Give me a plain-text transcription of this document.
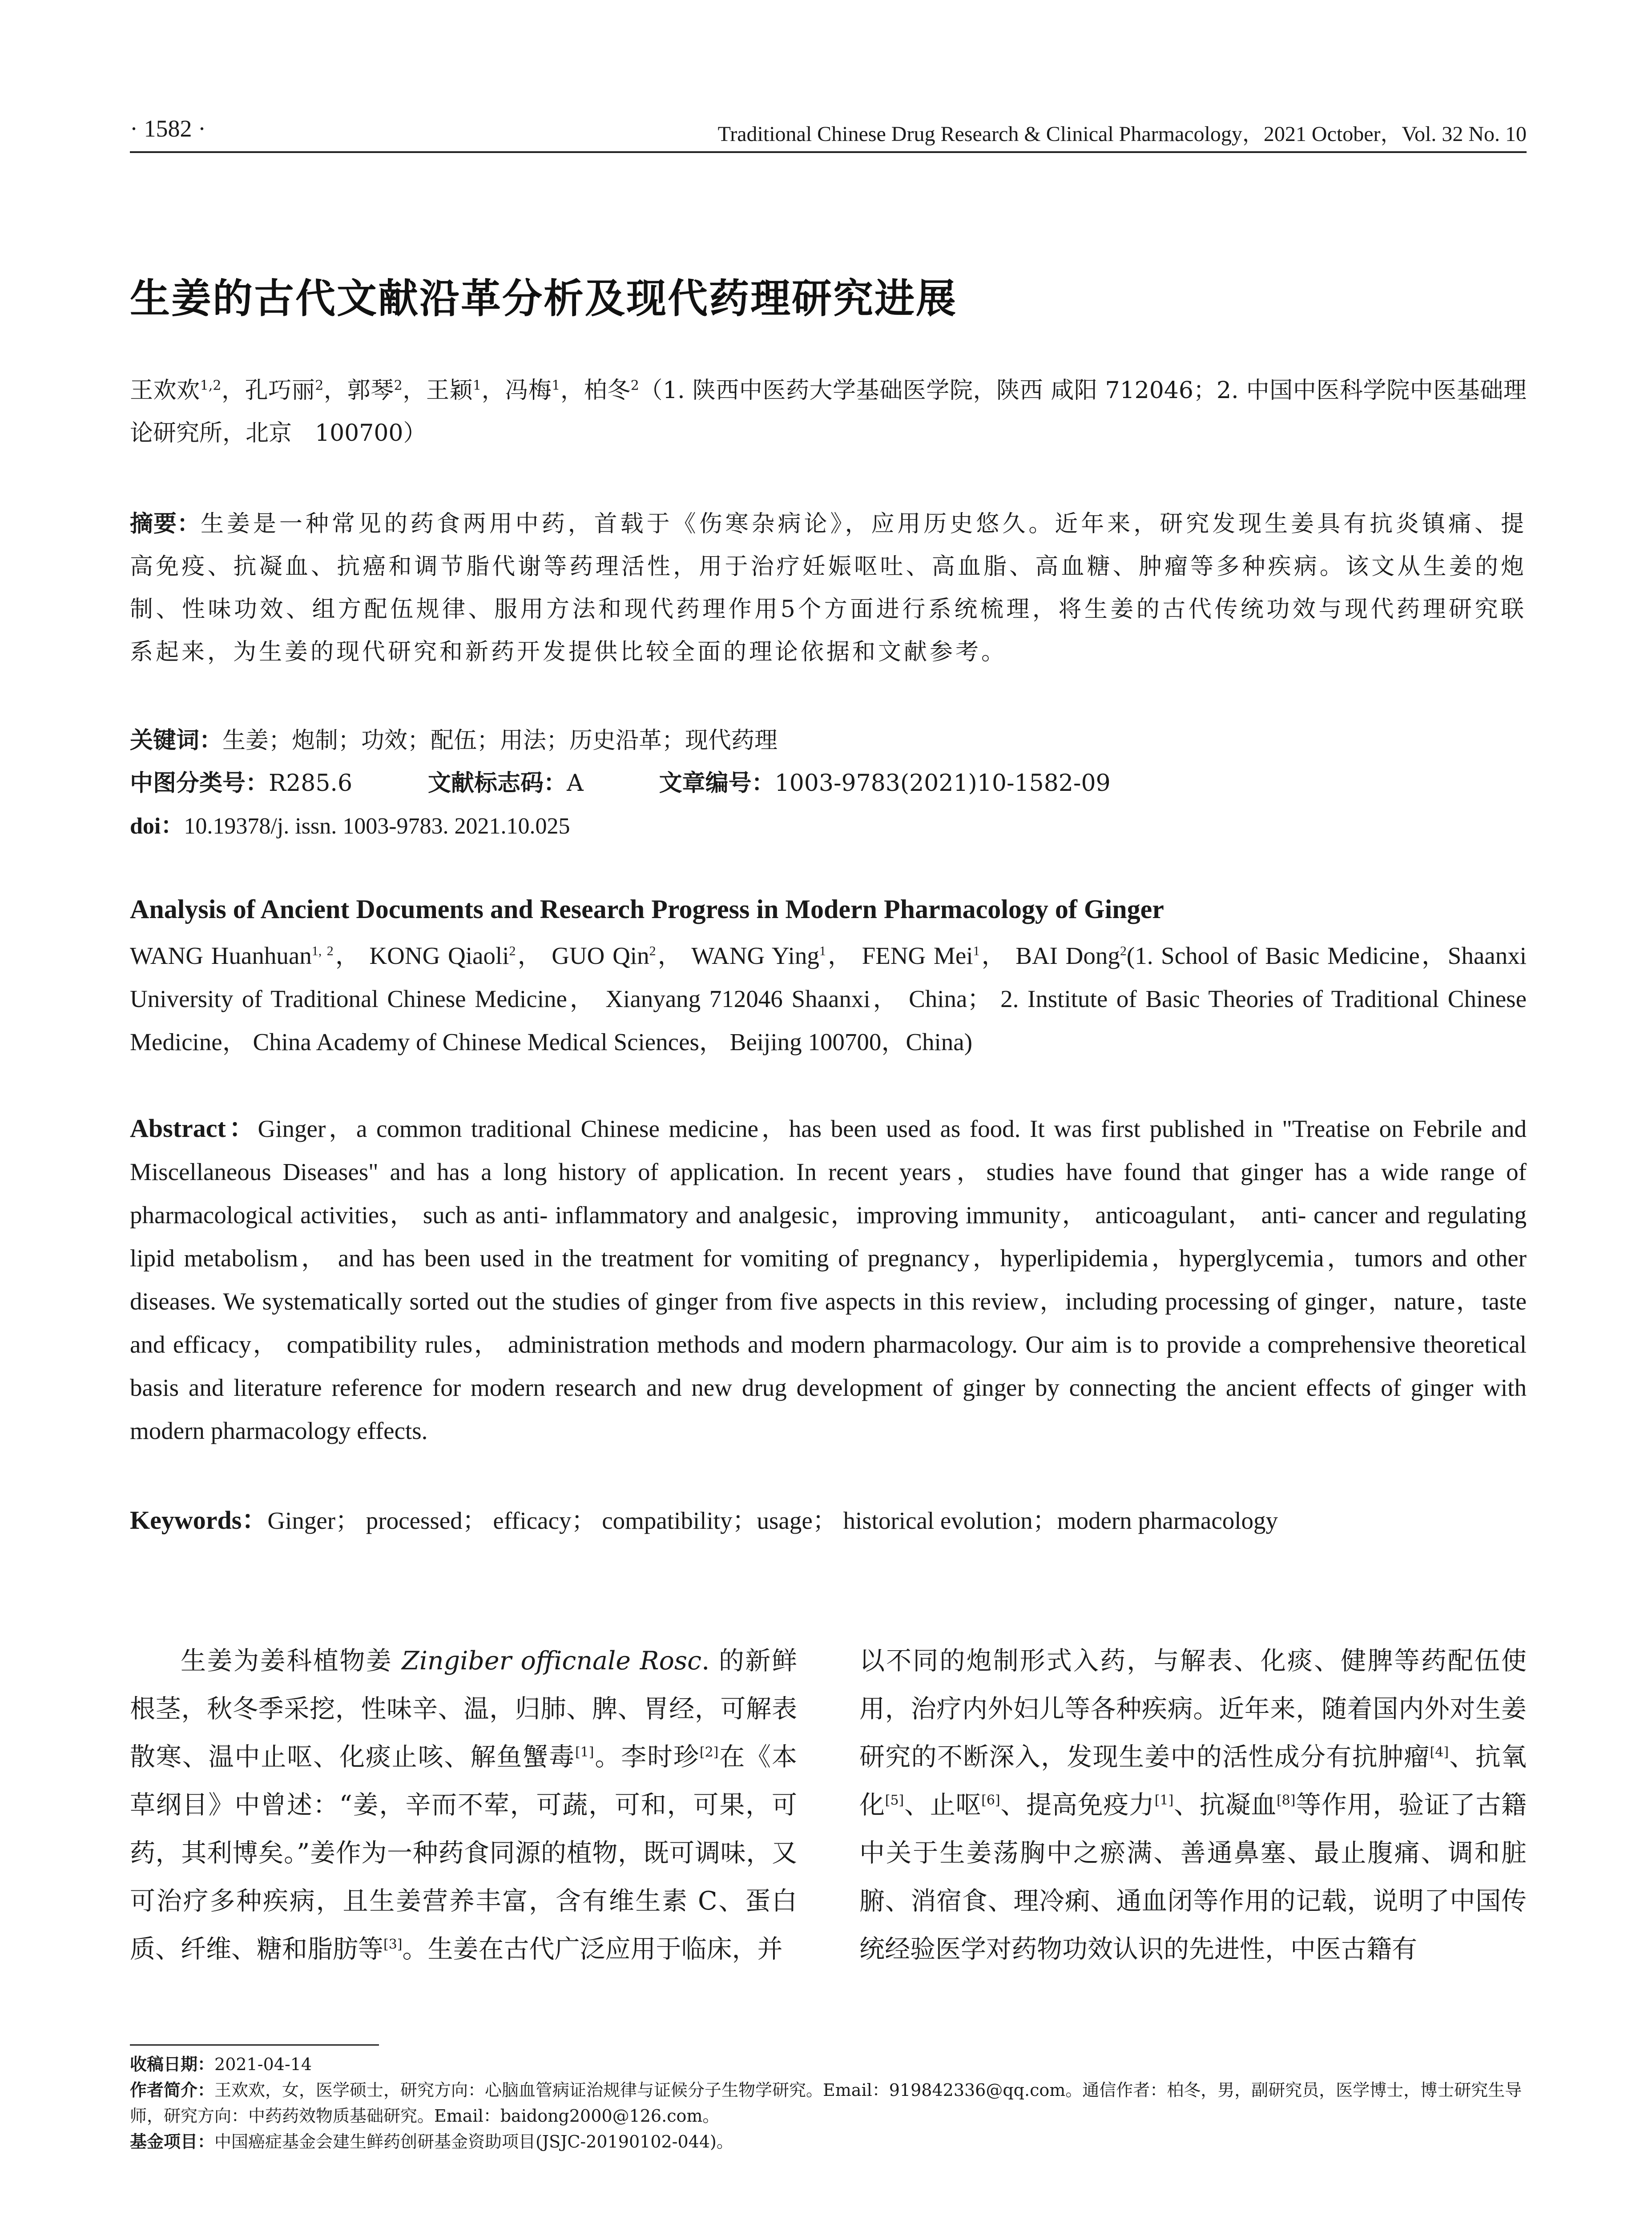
· 1582 ·	Traditional Chinese Drug Research & Clinical Pharmacology，2021 October，Vol. 32 No. 10
生姜的古代文献沿革分析及现代药理研究进展
王欢欢$^{1,2}$，孔巧丽$^2$，郭琴$^2$，王颖$^1$，冯梅$^1$，柏冬$^2$（1. 陕西中医药大学基础医学院，陕西 咸阳 712046；2. 中国中医科学院中医基础理论研究所，北京　100700）
摘要：生姜是一种常见的药食两用中药，首载于《伤寒杂病论》，应用历史悠久。近年来，研究发现生姜具有抗炎镇痛、提高免疫、抗凝血、抗癌和调节脂代谢等药理活性，用于治疗妊娠呕吐、高血脂、高血糖、肿瘤等多种疾病。该文从生姜的炮制、性味功效、组方配伍规律、服用方法和现代药理作用5个方面进行系统梳理，将生姜的古代传统功效与现代药理研究联系起来，为生姜的现代研究和新药开发提供比较全面的理论依据和文献参考。
关键词：生姜；炮制；功效；配伍；用法；历史沿革；现代药理
中图分类号：R285.6	文献标志码：A	文章编号：1003-9783(2021)10-1582-09
doi：10.19378/j. issn. 1003-9783. 2021.10.025
Analysis of Ancient Documents and Research Progress in Modern Pharmacology of Ginger
WANG Huanhuan$^{1, 2}$， KONG Qiaoli$^2$， GUO Qin$^2$， WANG Ying$^1$， FENG Mei$^1$， BAI Dong$^2$(1. School of Basic Medicine，Shaanxi University of Traditional Chinese Medicine， Xianyang 712046 Shaanxi， China； 2. Institute of Basic Theories of Traditional Chinese Medicine， China Academy of Chinese Medical Sciences， Beijing 100700，China)
Abstract：Ginger，a common traditional Chinese medicine，has been used as food. It was first published in "Treatise on Febrile and Miscellaneous Diseases" and has a long history of application. In recent years，studies have found that ginger has a wide range of pharmacological activities， such as anti- inflammatory and analgesic，improving immunity， anticoagulant， anti- cancer and regulating lipid metabolism， and has been used in the treatment for vomiting of pregnancy，hyperlipidemia，hyperglycemia，tumors and other diseases. We systematically sorted out the studies of ginger from five aspects in this review，including processing of ginger，nature，taste and efficacy， compatibility rules， administration methods and modern pharmacology. Our aim is to provide a comprehensive theoretical basis and literature reference for modern research and new drug development of ginger by connecting the ancient effects of ginger with modern pharmacology effects.
Keywords：Ginger； processed； efficacy； compatibility；usage； historical evolution；modern pharmacology
生姜为姜科植物姜 Zingiber officnale Rosc. 的新鲜根茎，秋冬季采挖，性味辛、温，归肺、脾、胃经，可解表散寒、温中止呕、化痰止咳、解鱼蟹毒[1]。李时珍[2]在《本草纲目》中曾述：“姜，辛而不荤，可蔬，可和，可果，可药，其利博矣。”姜作为一种药食同源的植物，既可调味，又可治疗多种疾病，且生姜营养丰富，含有维生素 C、蛋白质、纤维、糖和脂肪等[3]。生姜在古代广泛应用于临床，并
以不同的炮制形式入药，与解表、化痰、健脾等药配伍使用，治疗内外妇儿等各种疾病。近年来，随着国内外对生姜研究的不断深入，发现生姜中的活性成分有抗肿瘤[4]、抗氧化[5]、止呕[6]、提高免疫力[1]、抗凝血[8]等作用，验证了古籍中关于生姜荡胸中之瘀满、善通鼻塞、最止腹痛、调和脏腑、消宿食、理冷痢、通血闭等作用的记载，说明了中国传统经验医学对药物功效认识的先进性，中医古籍有
收稿日期：2021-04-14
作者简介：王欢欢，女，医学硕士，研究方向：心脑血管病证治规律与证候分子生物学研究。Email：919842336@qq.com。通信作者：柏冬，男，副研究员，医学博士，博士研究生导师，研究方向：中药药效物质基础研究。Email：baidong2000@126.com。
基金项目：中国癌症基金会建生鲜药创研基金资助项目(JSJC-20190102-044)。
